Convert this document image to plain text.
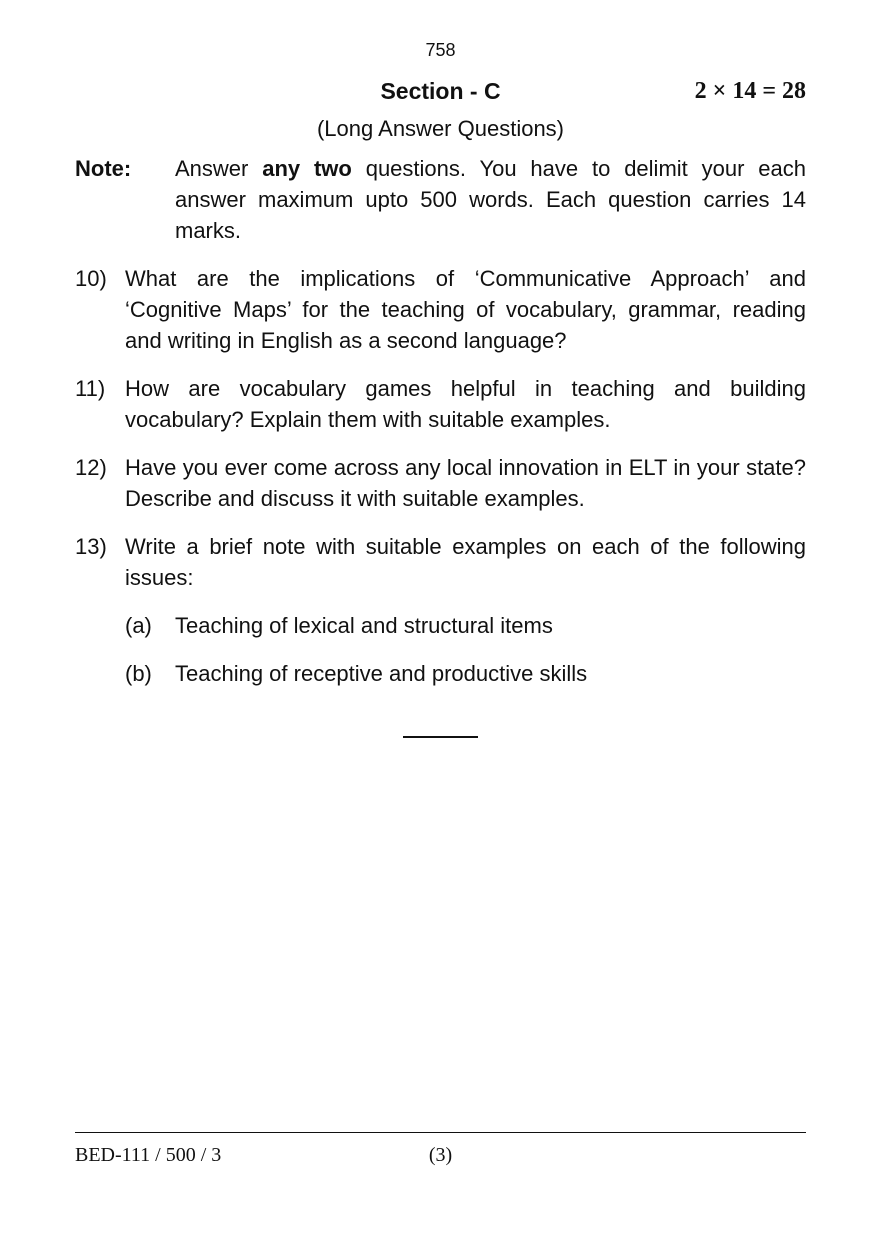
758
Section - C	2 × 14 = 28
(Long Answer Questions)
Note: Answer any two questions. You have to delimit your each answer maximum upto 500 words. Each question carries 14 marks.
10) What are the implications of ‘Communicative Approach’ and ‘Cognitive Maps’ for the teaching of vocabulary, grammar, reading and writing in English as a second language?
11) How are vocabulary games helpful in teaching and building vocabulary? Explain them with suitable examples.
12) Have you ever come across any local innovation in ELT in your state? Describe and discuss it with suitable examples.
13) Write a brief note with suitable examples on each of the following issues:
(a) Teaching of lexical and structural items
(b) Teaching of receptive and productive skills
BED-111 / 500 / 3	(3)
